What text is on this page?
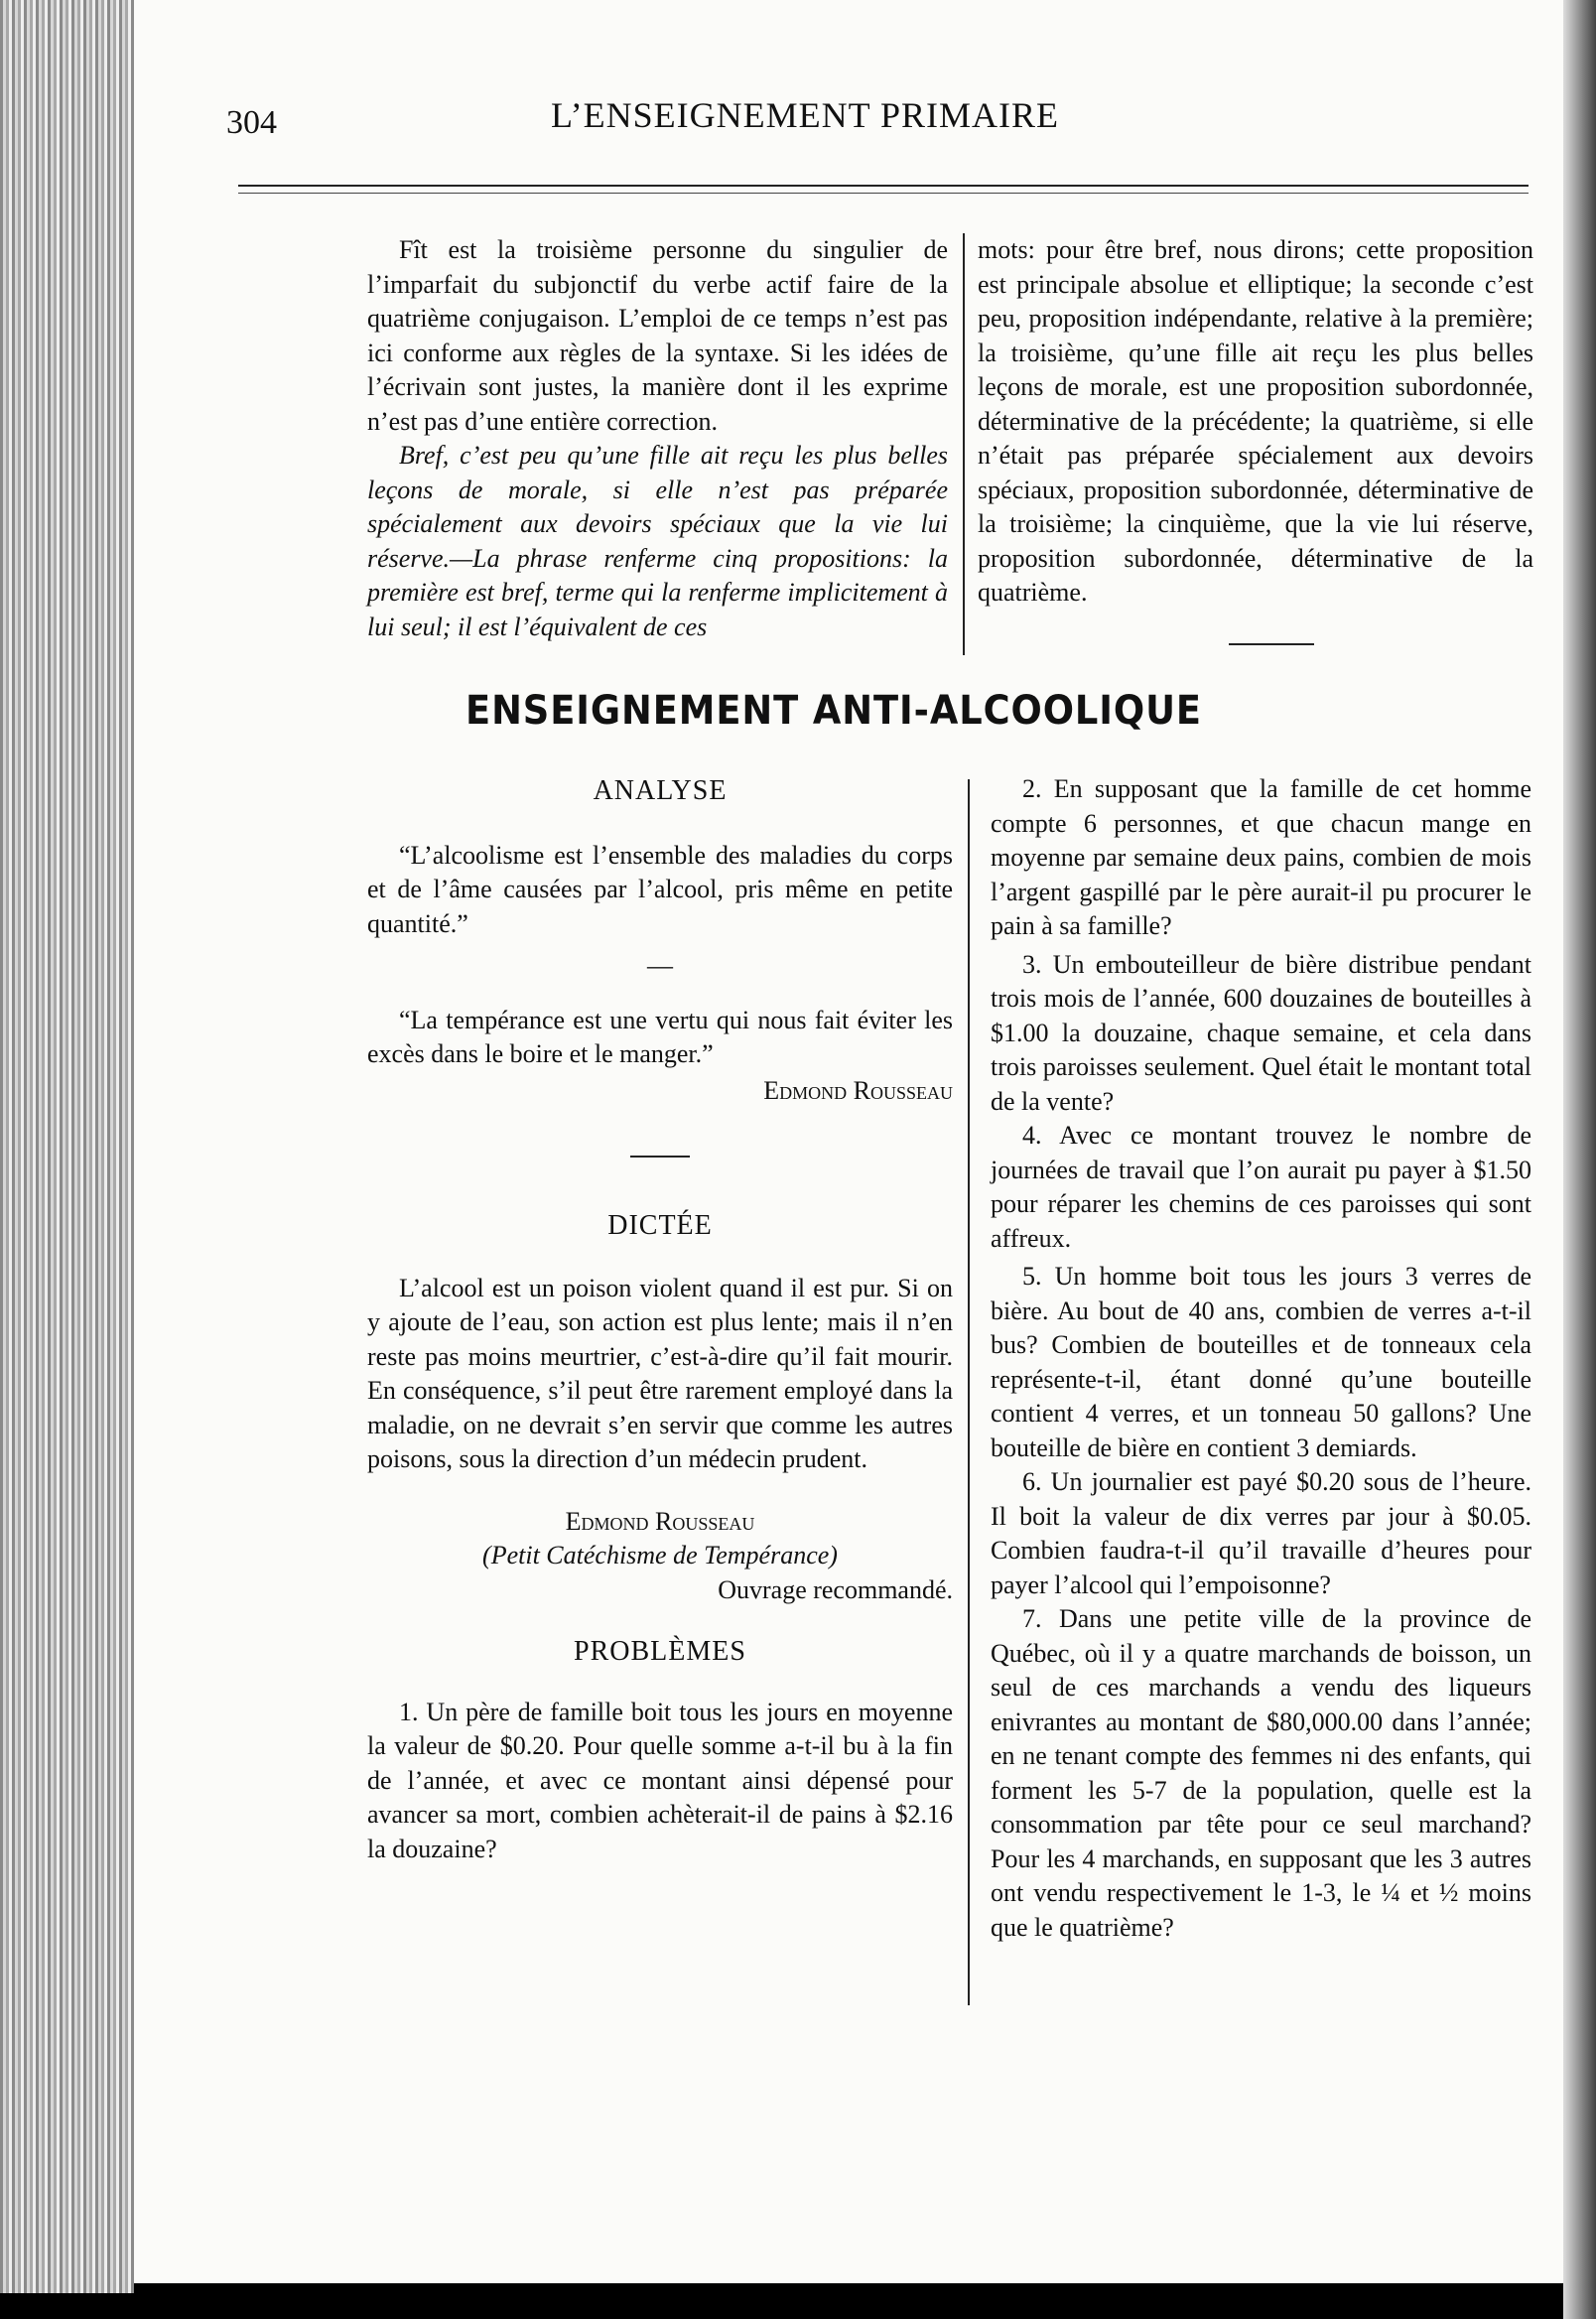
304	L’ENSEIGNEMENT PRIMAIRE

Fît est la troisième personne du singulier de l’imparfait du subjonctif du verbe actif faire de la quatrième conjugaison. L’emploi de ce temps n’est pas ici conforme aux règles de la syntaxe. Si les idées de l’écrivain sont justes, la manière dont il les exprime n’est pas d’une entière correction.

Bref, c’est peu qu’une fille ait reçu les plus belles leçons de morale, si elle n’est pas préparée spécialement aux devoirs spéciaux que la vie lui réserve.—La phrase renferme cinq propositions: la première est bref, terme qui la renferme implicitement à lui seul; il est l’équivalent de ces

mots: pour être bref, nous dirons; cette proposition est principale absolue et elliptique; la seconde c’est peu, proposition indépendante, relative à la première; la troisième, qu’une fille ait reçu les plus belles leçons de morale, est une proposition subordonnée, déterminative de la précédente; la quatrième, si elle n’était pas préparée spécialement aux devoirs spéciaux, proposition subordonnée, déterminative de la troisième; la cinquième, que la vie lui réserve, proposition subordonnée, déterminative de la quatrième.

ENSEIGNEMENT ANTI-ALCOOLIQUE

ANALYSE

“L’alcoolisme est l’ensemble des maladies du corps et de l’âme causées par l’alcool, pris même en petite quantité.”

—

“La tempérance est une vertu qui nous fait éviter les excès dans le boire et le manger.”

Edmond Rousseau

DICTÉE

L’alcool est un poison violent quand il est pur. Si on y ajoute de l’eau, son action est plus lente; mais il n’en reste pas moins meurtrier, c’est-à-dire qu’il fait mourir. En conséquence, s’il peut être rarement employé dans la maladie, on ne devrait s’en servir que comme les autres poisons, sous la direction d’un médecin prudent.

Edmond Rousseau

(Petit Catéchisme de Tempérance)

Ouvrage recommandé.

PROBLÈMES

1. Un père de famille boit tous les jours en moyenne la valeur de $0.20. Pour quelle somme a-t-il bu à la fin de l’année, et avec ce montant ainsi dépensé pour avancer sa mort, combien achèterait-il de pains à $2.16 la douzaine?

2. En supposant que la famille de cet homme compte 6 personnes, et que chacun mange en moyenne par semaine deux pains, combien de mois l’argent gaspillé par le père aurait-il pu procurer le pain à sa famille?

3. Un embouteilleur de bière distribue pendant trois mois de l’année, 600 douzaines de bouteilles à $1.00 la douzaine, chaque semaine, et cela dans trois paroisses seulement. Quel était le montant total de la vente?

4. Avec ce montant trouvez le nombre de journées de travail que l’on aurait pu payer à $1.50 pour réparer les chemins de ces paroisses qui sont affreux.

5. Un homme boit tous les jours 3 verres de bière. Au bout de 40 ans, combien de verres a-t-il bus? Combien de bouteilles et de tonneaux cela représente-t-il, étant donné qu’une bouteille contient 4 verres, et un tonneau 50 gallons? Une bouteille de bière en contient 3 demiards.

6. Un journalier est payé $0.20 sous de l’heure. Il boit la valeur de dix verres par jour à $0.05. Combien faudra-t-il qu’il travaille d’heures pour payer l’alcool qui l’empoisonne?

7. Dans une petite ville de la province de Québec, où il y a quatre marchands de boisson, un seul de ces marchands a vendu des liqueurs enivrantes au montant de $80,000.00 dans l’année; en ne tenant compte des femmes ni des enfants, qui forment les 5-7 de la population, quelle est la consommation par tête pour ce seul marchand? Pour les 4 marchands, en supposant que les 3 autres ont vendu respectivement le 1-3, le ¼ et ½ moins que le quatrième?
